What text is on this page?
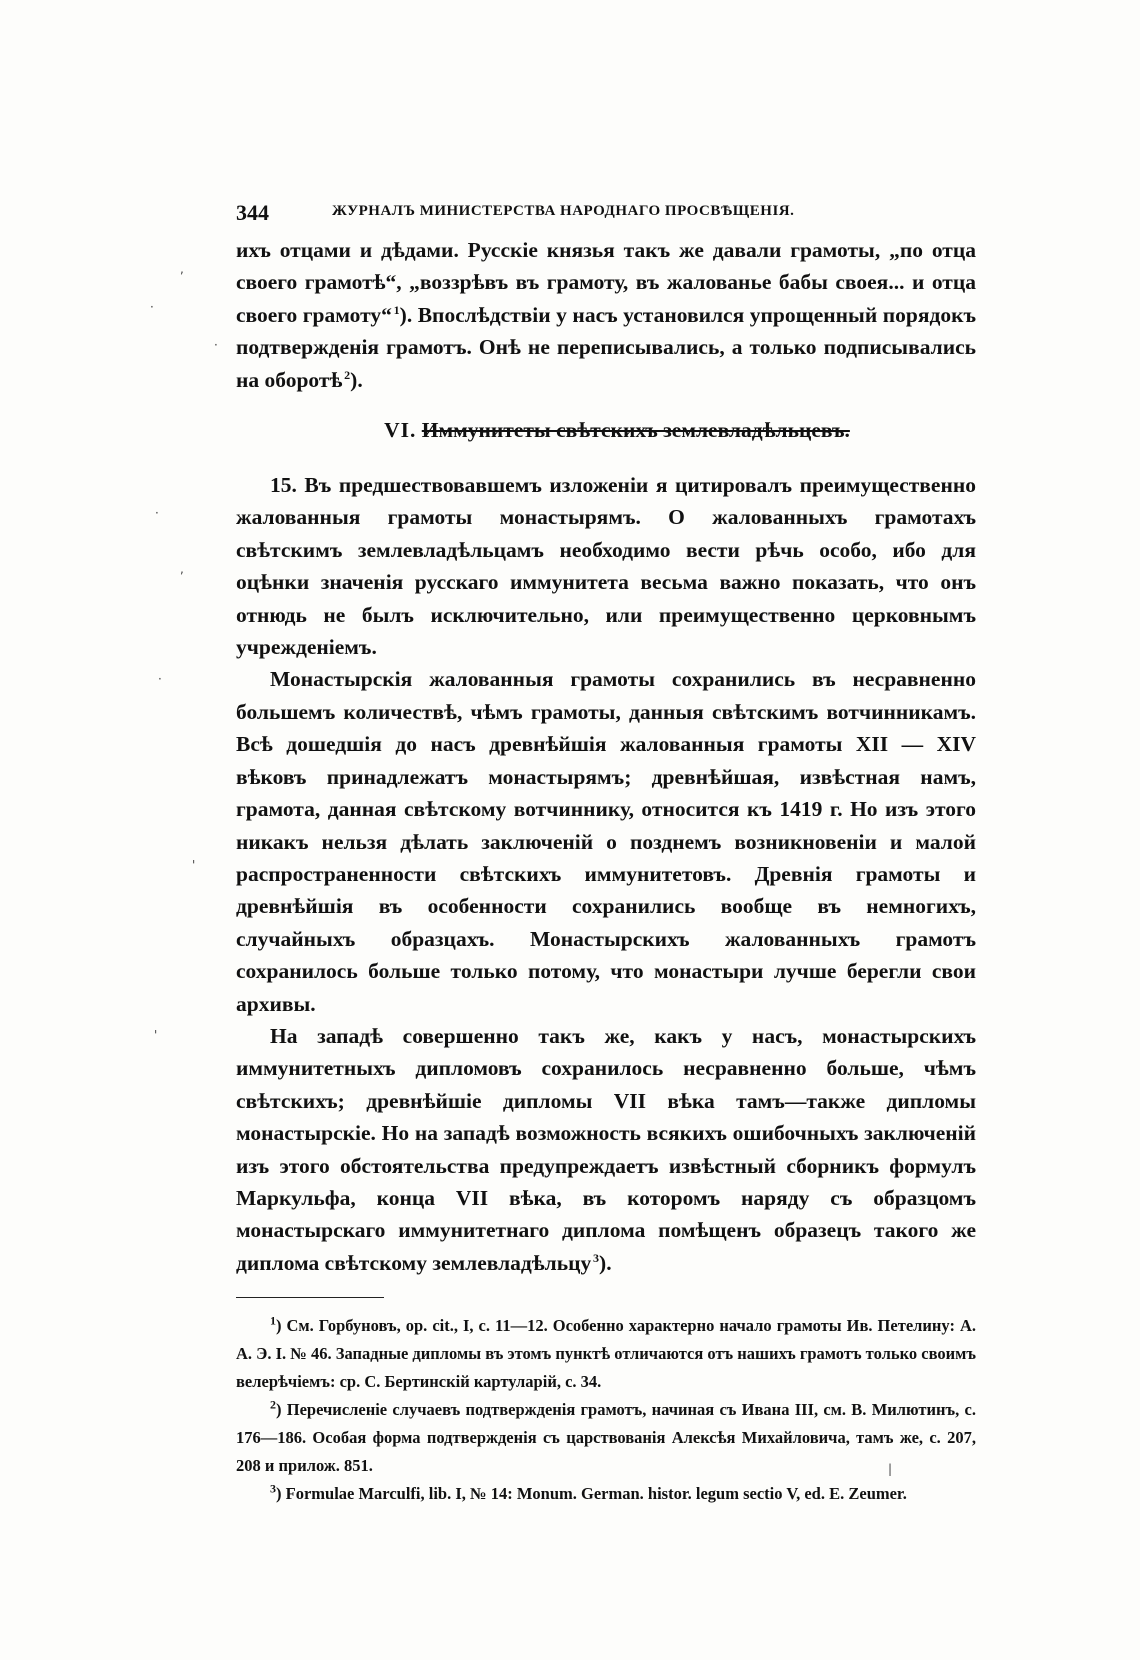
,
·
·
·
,
·
'
'
|
344	ЖУРНАЛЪ МИНИСТЕРСТВА НАРОДНАГО ПРОСВѢЩЕНІЯ.

ихъ отцами и дѣдами. Русскіе князья такъ же давали грамоты, „по отца своего грамотѣ“, „воззрѣвъ въ грамоту, въ жалованье бабы своея... и отца своего грамоту“  $^1$). Впослѣдствіи у насъ установился упрощенный порядокъ подтвержденія грамотъ. Онѣ не переписывались, а только подписывались на оборотѣ  $^2$).

VI. Иммунитеты свѣтскихъ землевладѣльцевъ.

15. Въ предшествовавшемъ изложеніи я цитировалъ преимущественно жалованныя грамоты монастырямъ. О жалованныхъ грамотахъ свѣтскимъ землевладѣльцамъ необходимо вести рѣчь особо, ибо для оцѣнки значенія русскаго иммунитета весьма важно показать, что онъ отнюдь не былъ исключительно, или преимущественно церковнымъ учрежденіемъ.

Монастырскія жалованныя грамоты сохранились въ несравненно большемъ количествѣ, чѣмъ грамоты, данныя свѣтскимъ вотчинникамъ. Всѣ дошедшія до насъ древнѣйшія жалованныя грамоты XII — XIV вѣковъ принадлежатъ монастырямъ; древнѣйшая, извѣстная намъ, грамота, данная свѣтскому вотчиннику, относится къ 1419 г. Но изъ этого никакъ нельзя дѣлать заключеній о позднемъ возникновеніи и малой распространенности свѣтскихъ иммунитетовъ. Древнія грамоты и древнѣйшія въ особенности сохранились вообще въ немногихъ, случайныхъ образцахъ. Монастырскихъ жалованныхъ грамотъ сохранилось больше только потому, что монастыри лучше берегли свои архивы.

На западѣ совершенно такъ же, какъ у насъ, монастырскихъ иммунитетныхъ дипломовъ сохранилось несравненно больше, чѣмъ свѣтскихъ; древнѣйшіе дипломы VII вѣка тамъ—также дипломы монастырскіе. Но на западѣ возможность всякихъ ошибочныхъ заключеній изъ этого обстоятельства предупреждаетъ извѣстный сборникъ формулъ Маркульфа, конца VII вѣка, въ которомъ наряду съ образцомъ монастырскаго иммунитетнаго диплома помѣщенъ образецъ такого же диплома свѣтскому землевладѣльцу  $^3$).

$^1$) См. Горбуновъ, op. cit., I, с. 11—12. Особенно характерно начало грамоты Ив. Петелину: А. А. Э. I. № 46. Западные дипломы въ этомъ пунктѣ отличаются отъ нашихъ грамотъ только своимъ велерѣчіемъ: ср. С. Бертинскій картуларій, с. 34.

$^2$) Перечисленіе случаевъ подтвержденія грамотъ, начиная съ Ивана III, см. В. Милютинъ, с. 176—186. Особая форма подтвержденія съ царствованія Алексѣя Михайловича, тамъ же, с. 207, 208 и прилож. 851.

$^3$) Formulae Marculfi, lib. I, № 14: Monum. German. histor. legum sectio V, ed. E. Zeumer.
